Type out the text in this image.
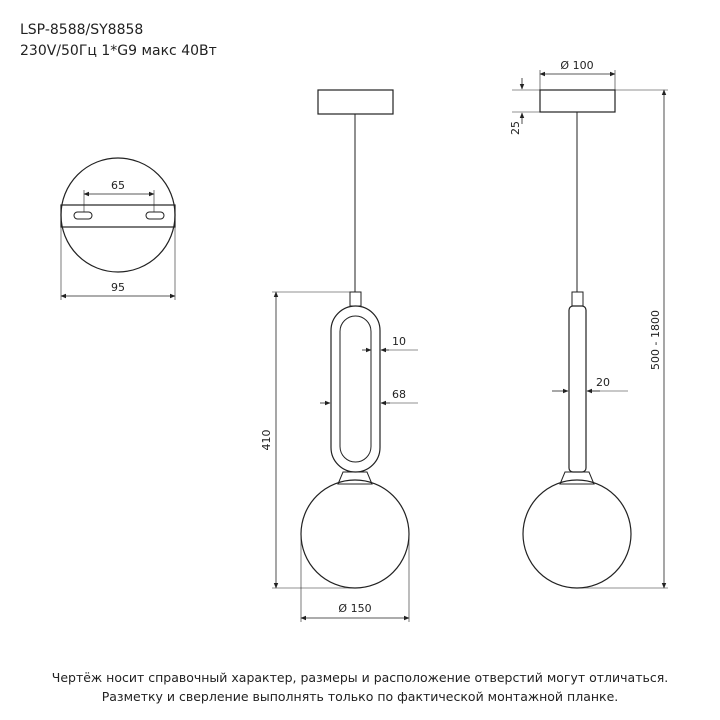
LSP-8588/SY8858
230V/50Гц 1*G9 макс 40Вт
65
95
10
68
410
Ø 150
Ø 100
25
20
500 - 1800
Чертёж носит справочный характер, размеры и расположение отверстий могут отличаться.
Разметку и сверление выполнять только по фактической монтажной планке.
